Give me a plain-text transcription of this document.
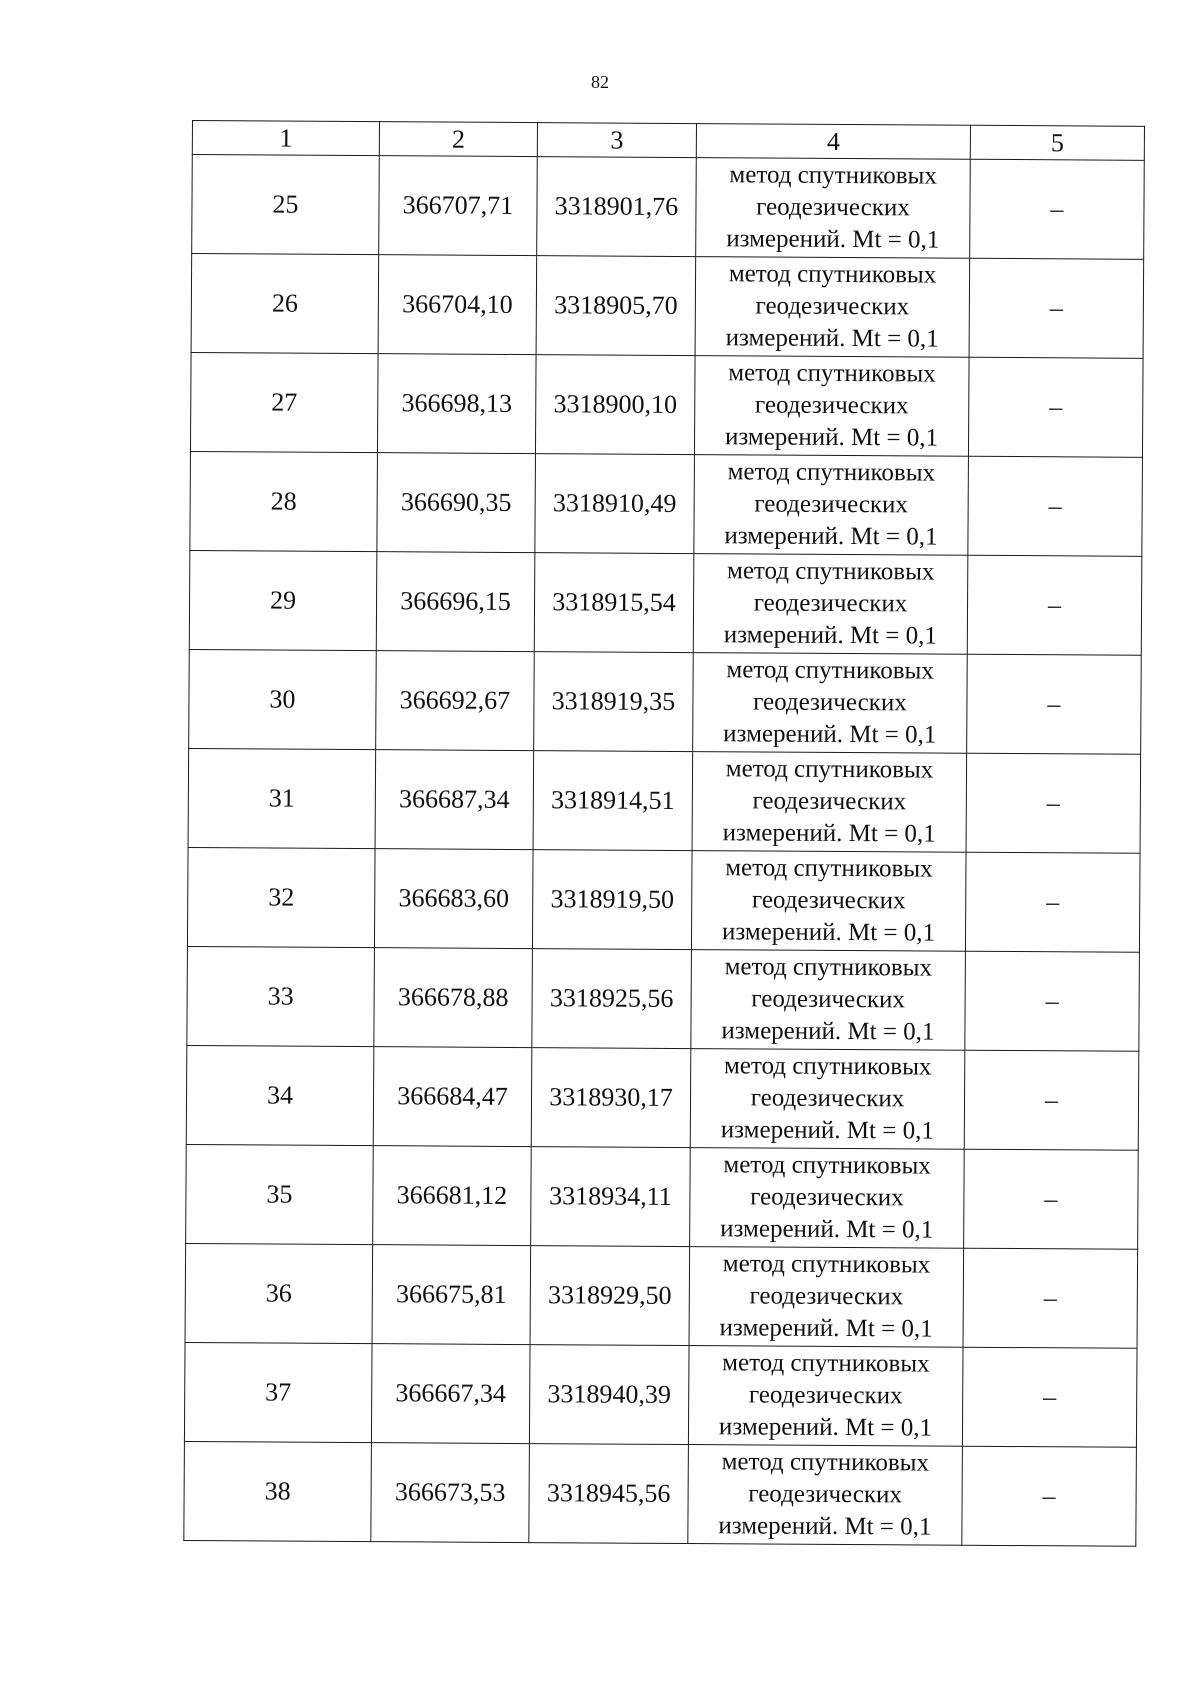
82
1	2	3	4	5
25	366707,71	3318901,76	метод спутниковых
геодезических
измерений. Mt = 0,1	–
26	366704,10	3318905,70	метод спутниковых
геодезических
измерений. Mt = 0,1	–
27	366698,13	3318900,10	метод спутниковых
геодезических
измерений. Mt = 0,1	–
28	366690,35	3318910,49	метод спутниковых
геодезических
измерений. Mt = 0,1	–
29	366696,15	3318915,54	метод спутниковых
геодезических
измерений. Mt = 0,1	–
30	366692,67	3318919,35	метод спутниковых
геодезических
измерений. Mt = 0,1	–
31	366687,34	3318914,51	метод спутниковых
геодезических
измерений. Mt = 0,1	–
32	366683,60	3318919,50	метод спутниковых
геодезических
измерений. Mt = 0,1	–
33	366678,88	3318925,56	метод спутниковых
геодезических
измерений. Mt = 0,1	–
34	366684,47	3318930,17	метод спутниковых
геодезических
измерений. Mt = 0,1	–
35	366681,12	3318934,11	метод спутниковых
геодезических
измерений. Mt = 0,1	–
36	366675,81	3318929,50	метод спутниковых
геодезических
измерений. Mt = 0,1	–
37	366667,34	3318940,39	метод спутниковых
геодезических
измерений. Mt = 0,1	–
38	366673,53	3318945,56	метод спутниковых
геодезических
измерений. Mt = 0,1	–
